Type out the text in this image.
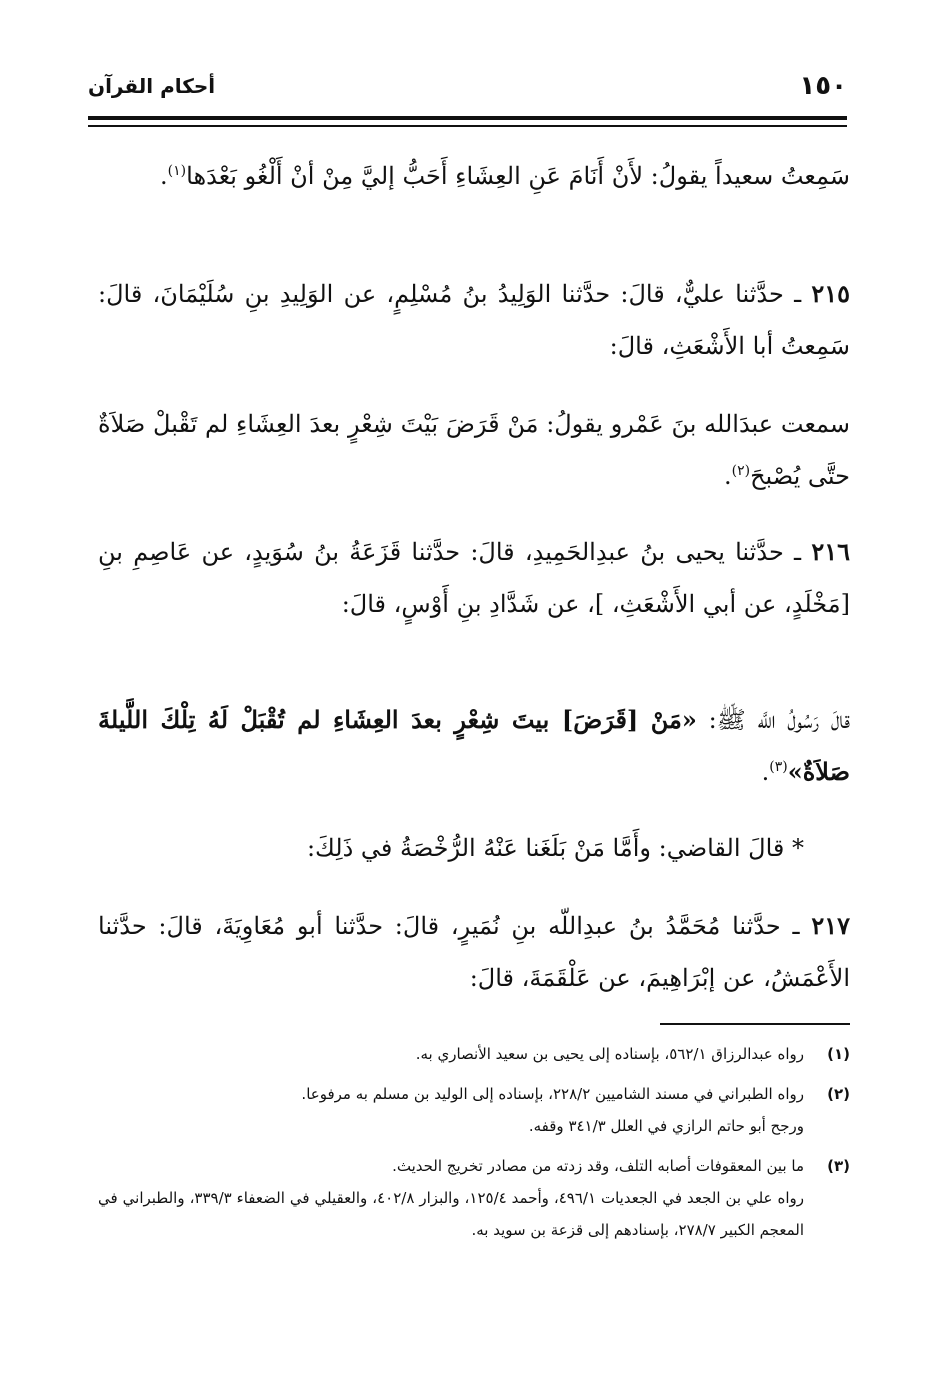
١٥٠
أحكام القرآن

سَمِعتُ سعيداً يقولُ: لأَنْ أَنَامَ عَنِ العِشَاءِ أَحَبُّ إليَّ مِنْ أنْ أَلْغُو بَعْدَها$^{(١)}$.

٢١٥ ـ حدَّثنا عليٌّ، قالَ: حدَّثنا الوَلِيدُ بنُ مُسْلِمٍ، عن الوَلِيدِ بنِ سُلَيْمَانَ، قالَ: سَمِعتُ أبا الأَشْعَثِ، قالَ:

سمعت عبدَالله بنَ عَمْرو يقولُ: مَنْ قَرَضَ بَيْتَ شِعْرٍ بعدَ العِشَاءِ لم تَقْبلْ صَلاَةٌ حتَّى يُصْبحَ$^{(٢)}$.

٢١٦ ـ حدَّثنا يحيى بنُ عبدِالحَمِيدِ، قالَ: حدَّثنا قَزَعَةُ بنُ سُوَيدٍ، عن عَاصِمِ بنِ [مَخْلَدٍ، عن أبي الأَشْعَثِ، ]، عن شَدَّادِ بنِ أَوْسٍ، قالَ:

قالَ رَسُولُ اللَّه ﷺ: «مَنْ [قَرَضَ] بيتَ شِعْرٍ بعدَ العِشَاءِ لم تُقْبَلْ لَهُ تِلْكَ اللَّيلةَ صَلاَةٌ»$^{(٣)}$.

* قالَ القاضي: وأَمَّا مَنْ بَلَغَنا عَنْهُ الرُّخْصَةُ في ذَلِكَ:

٢١٧ ـ حدَّثنا مُحَمَّدُ بنُ عبدِاللّه بنِ نُمَيرٍ، قالَ: حدَّثنا أبو مُعَاوِيَةَ، قالَ: حدَّثنا الأَعْمَشُ، عن إبْرَاهِيمَ، عن عَلْقَمَةَ، قالَ:

(١)
رواه عبدالرزاق ٥٦٢/١، بإسناده إلى يحيى بن سعيد الأنصاري به.
(٢)
رواه الطبراني في مسند الشاميين ٢٢٨/٢، بإسناده إلى الوليد بن مسلم به مرفوعا.
ورجح أبو حاتم الرازي في العلل ٣٤١/٣ وقفه.
(٣)
ما بين المعقوفات أصابه التلف، وقد زدته من مصادر تخريج الحديث.
رواه علي بن الجعد في الجعديات ٤٩٦/١، وأحمد ١٢٥/٤، والبزار ٤٠٢/٨، والعقيلي في الضعفاء ٣٣٩/٣، والطبراني في المعجم الكبير ٢٧٨/٧، بإسنادهم إلى قزعة بن سويد به.
